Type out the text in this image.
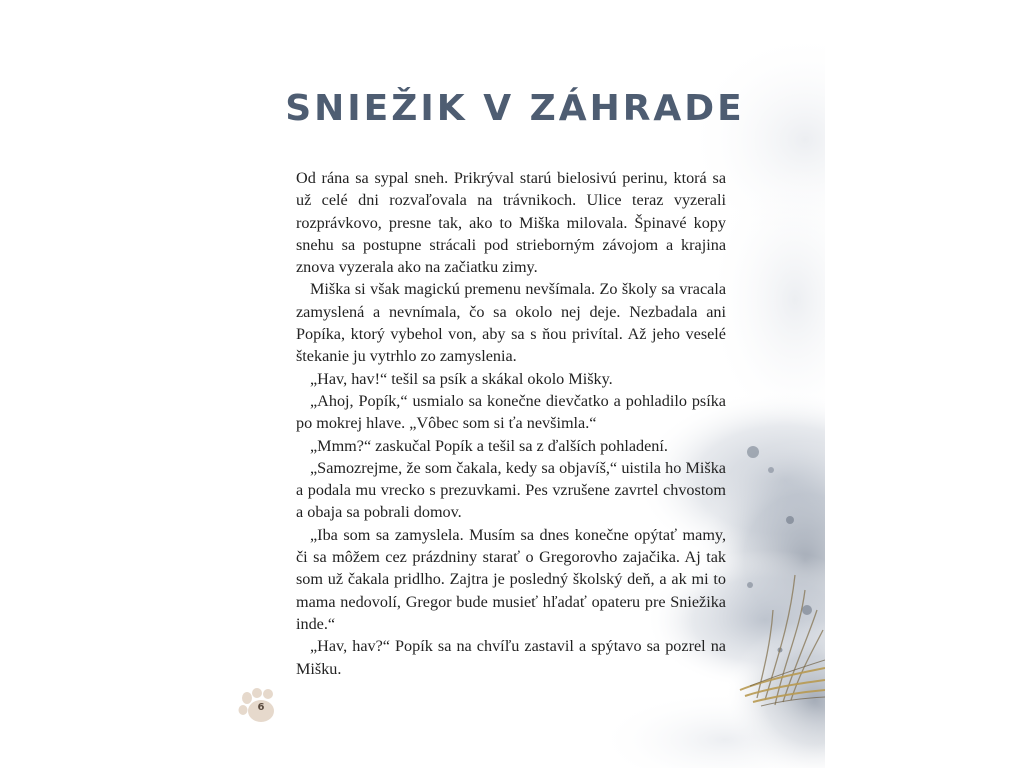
SNIEŽIK V ZÁHRADE

Od rána sa sypal sneh. Prikrýval starú bielosivú perinu, ktorá sa už celé dni rozvaľovala na trávnikoch. Ulice teraz vyzerali rozprávkovo, presne tak, ako to Miška milovala. Špinavé kopy snehu sa postupne strácali pod strieborným závojom a krajina znova vyzerala ako na začiatku zimy.

Miška si však magickú premenu nevšímala. Zo školy sa vracala zamyslená a nevnímala, čo sa okolo nej deje. Nezbadala ani Popíka, ktorý vybehol von, aby sa s ňou privítal. Až jeho veselé štekanie ju vytrhlo zo zamyslenia.

„Hav, hav!“ tešil sa psík a skákal okolo Mišky.

„Ahoj, Popík,“ usmialo sa konečne dievčatko a pohladilo psíka po mokrej hlave. „Vôbec som si ťa nevšimla.“

„Mmm?“ zaskučal Popík a tešil sa z ďalších pohladení.

„Samozrejme, že som čakala, kedy sa objavíš,“ uistila ho Miška a podala mu vrecko s prezuvkami. Pes vzrušene zavrtel chvostom a obaja sa pobrali domov.

„Iba som sa zamyslela. Musím sa dnes konečne opýtať mamy, či sa môžem cez prázdniny starať o Gregorovho zajačika. Aj tak som už čakala pridlho. Zajtra je posledný školský deň, a ak mi to mama nedovolí, Gregor bude musieť hľadať opateru pre Sniežika inde.“

„Hav, hav?“ Popík sa na chvíľu zastavil a spýtavo sa pozrel na Mišku.

6
